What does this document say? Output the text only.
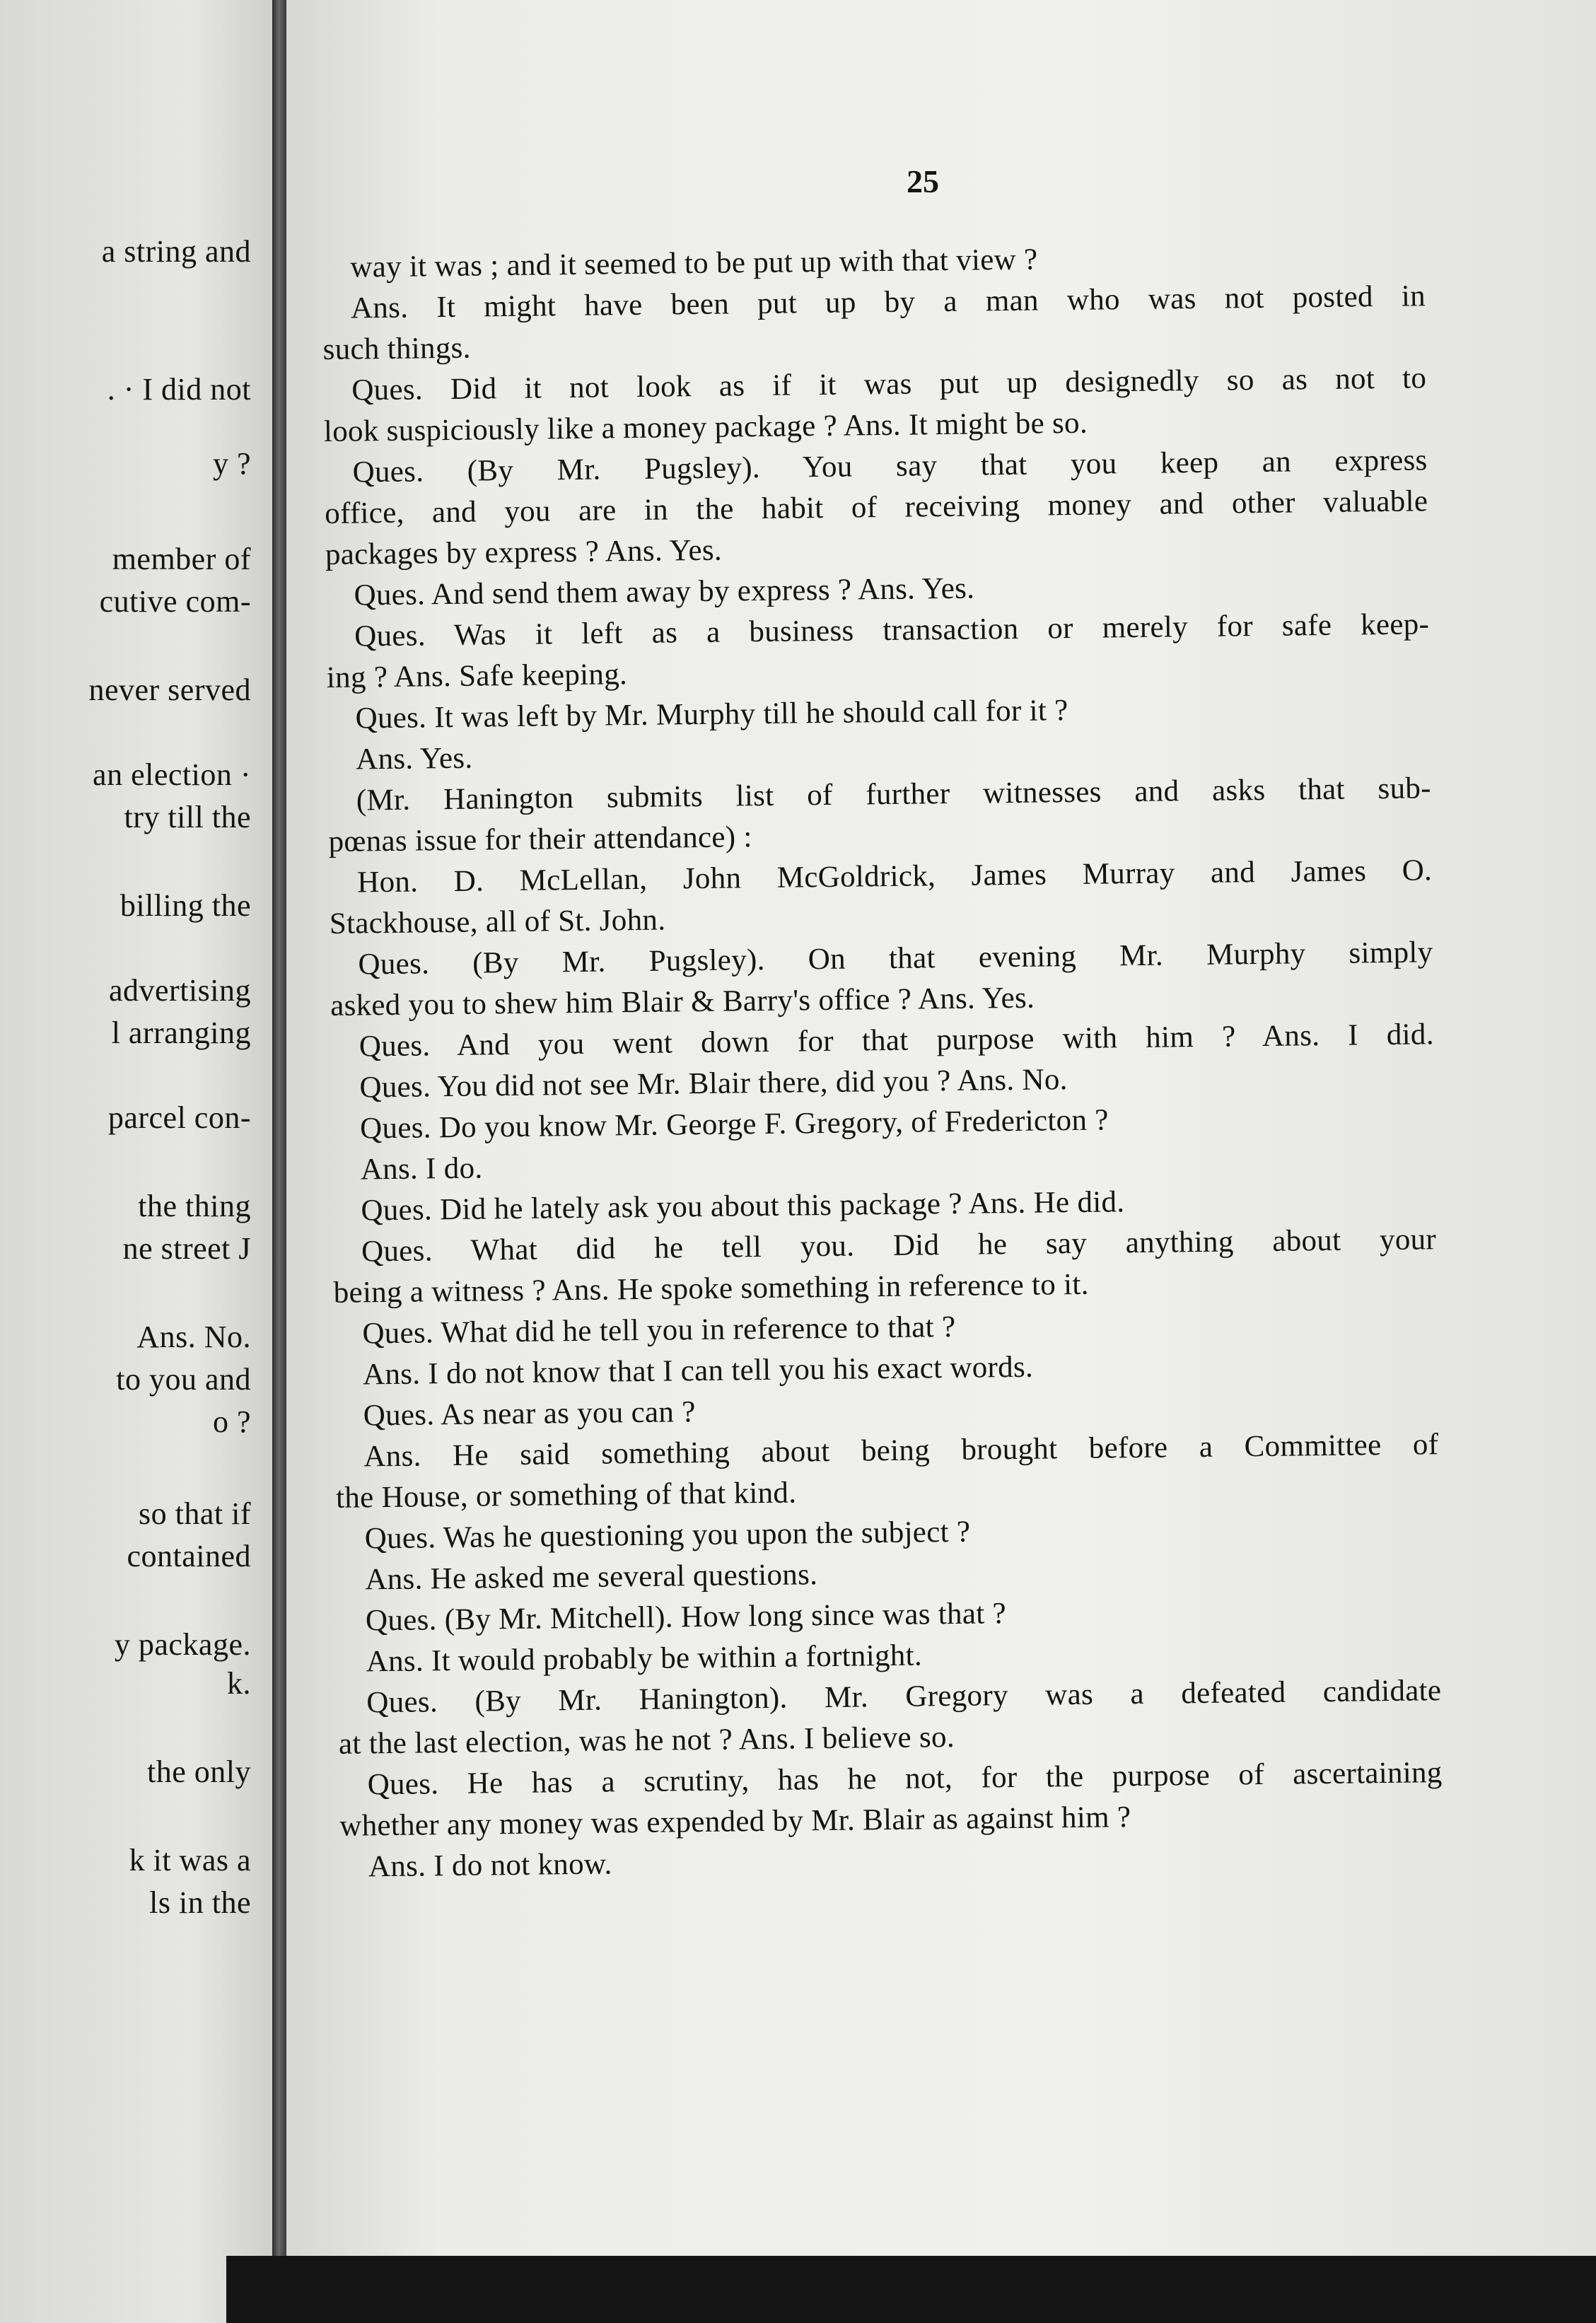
a string and

. · I did not

y ?

member of

cutive com-

never served

an election ·

try till the

billing the

advertising

l arranging

parcel con-

the thing

ne street J

Ans. No.

to you and

o ?

so that if

contained

y package.

k.

the only

k it was a

ls in the

25

way it was ; and it seemed to be put up with that view ?

Ans. It might have been put up by a man who was not posted in

such things.

Ques. Did it not look as if it was put up designedly so as not to

look suspiciously like a money package ? Ans. It might be so.

Ques. (By Mr. Pugsley). You say that you keep an express

office, and you are in the habit of receiving money and other valuable

packages by express ? Ans. Yes.

Ques. And send them away by express ? Ans. Yes.

Ques. Was it left as a business transaction or merely for safe keep-

ing ? Ans. Safe keeping.

Ques. It was left by Mr. Murphy till he should call for it ?

Ans. Yes.

(Mr. Hanington submits list of further witnesses and asks that sub-

pœnas issue for their attendance) :

Hon. D. McLellan, John McGoldrick, James Murray and James O.

Stackhouse, all of St. John.

Ques. (By Mr. Pugsley). On that evening Mr. Murphy simply

asked you to shew him Blair & Barry's office ? Ans. Yes.

Ques. And you went down for that purpose with him ? Ans. I did.

Ques. You did not see Mr. Blair there, did you ? Ans. No.

Ques. Do you know Mr. George F. Gregory, of Fredericton ?

Ans. I do.

Ques. Did he lately ask you about this package ? Ans. He did.

Ques. What did he tell you. Did he say anything about your

being a witness ? Ans. He spoke something in reference to it.

Ques. What did he tell you in reference to that ?

Ans. I do not know that I can tell you his exact words.

Ques. As near as you can ?

Ans. He said something about being brought before a Committee of

the House, or something of that kind.

Ques. Was he questioning you upon the subject ?

Ans. He asked me several questions.

Ques. (By Mr. Mitchell). How long since was that ?

Ans. It would probably be within a fortnight.

Ques. (By Mr. Hanington). Mr. Gregory was a defeated candidate

at the last election, was he not ? Ans. I believe so.

Ques. He has a scrutiny, has he not, for the purpose of ascertaining

whether any money was expended by Mr. Blair as against him ?

Ans. I do not know.
